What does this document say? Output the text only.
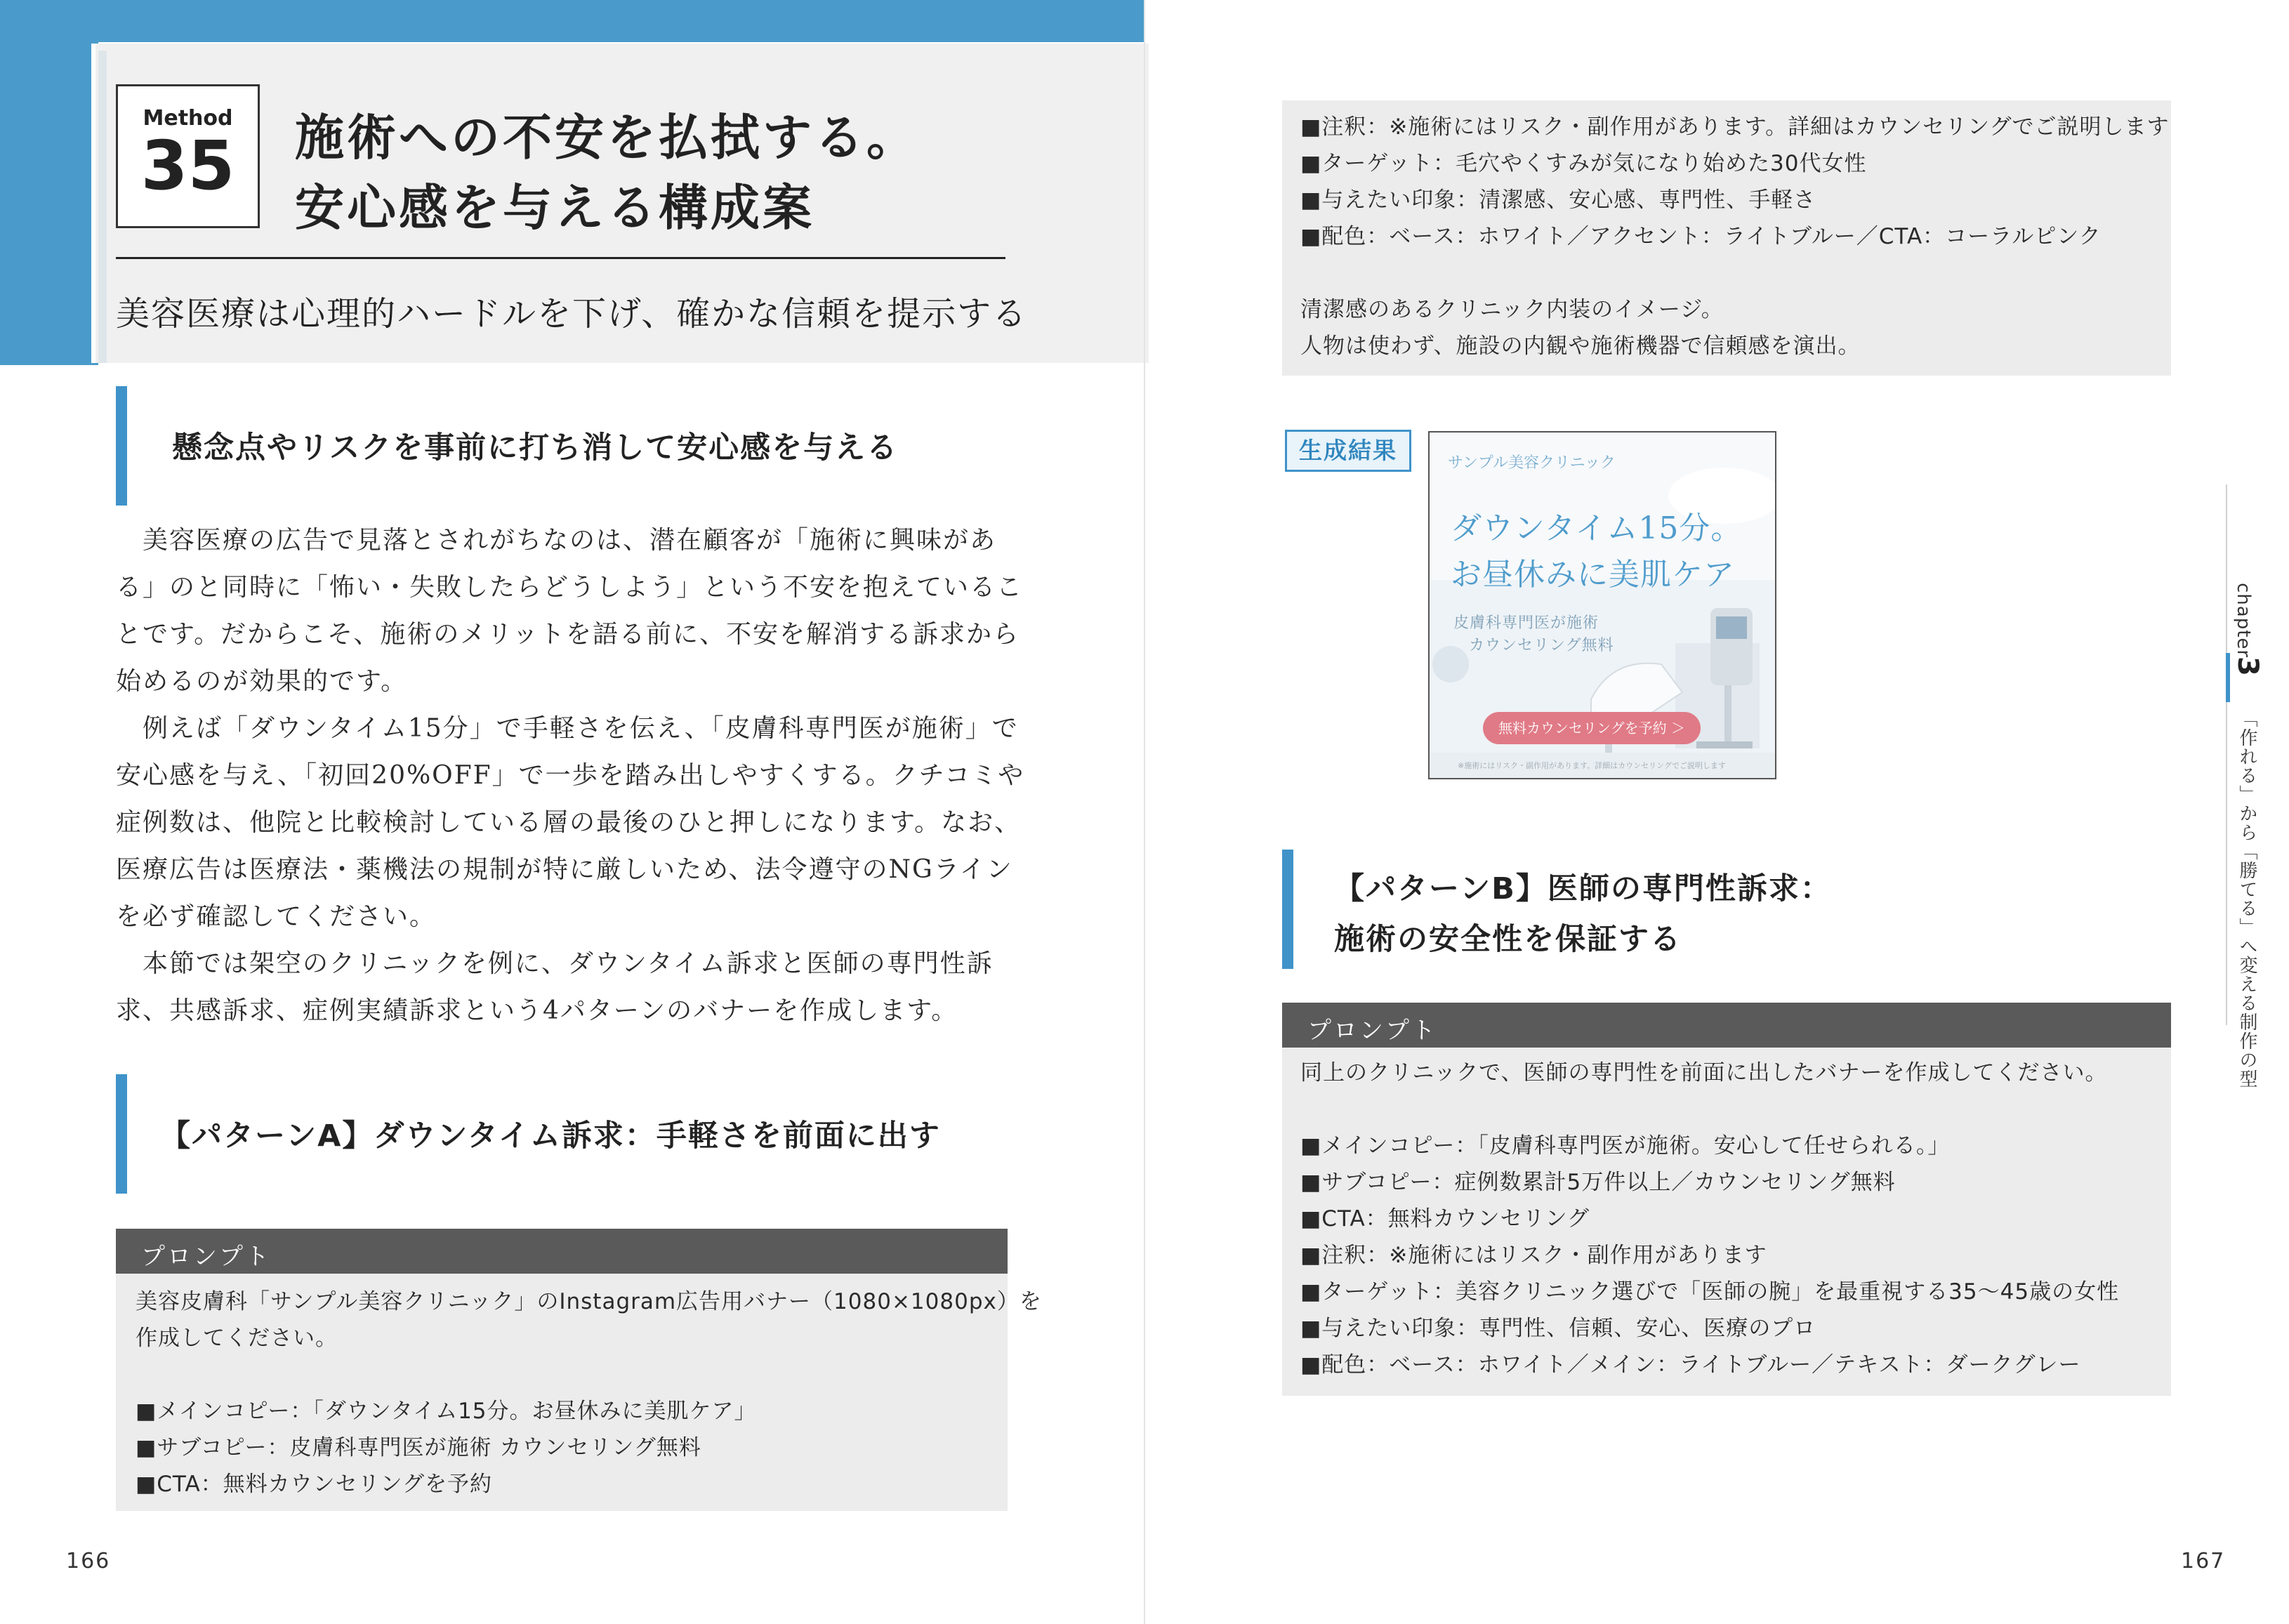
Method
35	施術への不安を払拭する。
安心感を与える構成案
美容医療は心理的ハードルを下げ、確かな信頼を提示する
懸念点やリスクを事前に打ち消して安心感を与える
　美容医療の広告で見落とされがちなのは、潜在顧客が「施術に興味があ
る」のと同時に「怖い・失敗したらどうしよう」という不安を抱えているこ
とです。だからこそ、施術のメリットを語る前に、不安を解消する訴求から
始めるのが効果的です。
　例えば「ダウンタイム15分」で手軽さを伝え、「皮膚科専門医が施術」で
安心感を与え、「初回20%OFF」で一歩を踏み出しやすくする。クチコミや
症例数は、他院と比較検討している層の最後のひと押しになります。なお、
医療広告は医療法・薬機法の規制が特に厳しいため、法令遵守のNGライン
を必ず確認してください。
　本節では架空のクリニックを例に、ダウンタイム訴求と医師の専門性訴
求、共感訴求、症例実績訴求という4パターンのバナーを作成します。
【パターンA】ダウンタイム訴求：手軽さを前面に出す
プロンプト
美容皮膚科「サンプル美容クリニック」のInstagram広告用バナー（1080×1080px）を
作成してください。
■メインコピー：「ダウンタイム15分。お昼休みに美肌ケア」
■サブコピー：皮膚科専門医が施術 カウンセリング無料
■CTA：無料カウンセリングを予約
166
■注釈：※施術にはリスク・副作用があります。詳細はカウンセリングでご説明します
■ターゲット：毛穴やくすみが気になり始めた30代女性
■与えたい印象：清潔感、安心感、専門性、手軽さ
■配色：ベース：ホワイト／アクセント：ライトブルー／CTA：コーラルピンク
清潔感のあるクリニック内装のイメージ。
人物は使わず、施設の内観や施術機器で信頼感を演出。
生成結果	サンプル美容クリニック
ダウンタイム15分。
お昼休みに美肌ケア
皮膚科専門医が施術
カウンセリング無料
無料カウンセリングを予約 ＞
※施術にはリスク・副作用があります。詳細はカウンセリングでご説明します
【パターンB】医師の専門性訴求：
施術の安全性を保証する
プロンプト
同上のクリニックで、医師の専門性を前面に出したバナーを作成してください。
■メインコピー：「皮膚科専門医が施術。安心して任せられる。」
■サブコピー：症例数累計5万件以上／カウンセリング無料
■CTA：無料カウンセリング
■注釈：※施術にはリスク・副作用があります
■ターゲット：美容クリニック選びで「医師の腕」を最重視する35〜45歳の女性
■与えたい印象：専門性、信頼、安心、医療のプロ
■配色：ベース：ホワイト／メイン：ライトブルー／テキスト：ダークグレー
chapter
3
「作れる」から「勝てる」へ変える制作の型
167
